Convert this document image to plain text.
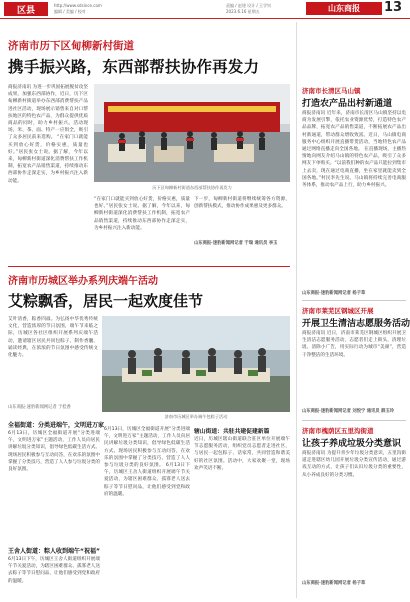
区县	http://www.sdsince.com
编辑 / 美编 / 校对
责编 / 赵建 设计 / 王学钊
2023.6.16 星期五	山东商报	13
济南市历下区甸柳新村街道
携手振兴路，东西部帮扶协作再发力
商报济南讯 为进一步巩固拓展脱贫攻坚成果，加强东西部协作，近日，历下区甸柳新村街道举办东西部消费帮扶产品进社区活动，现场展示销售来自对口帮扶地区的特色农产品，为群众提供优质商品的同时，助力乡村振兴。活动现场，米、茶、面、特产一应俱全，吸引了众多居民前来选购。 “在家门口就能买到放心好货，价格实惠，质量也好。”居民张女士说。据了解，今年以来，甸柳新村街道深化消费帮扶工作机制，拓宽农产品销售渠道，持续推动东西部协作走深走实，为乡村振兴注入新动能。
历下区甸柳新村街道东西部帮扶协作再发力
“在家门口就能买到放心好货，价格实惠，质量也好。”居民张女士说。据了解，今年以来，甸柳新村街道深化消费帮扶工作机制，拓宽农产品销售渠道，持续推动东西部协作走深走实，为乡村振兴注入新动能。
下一步，甸柳新村街道将继续统筹各方资源，创新帮扶模式，推动协作成果惠及更多群众。
山东商报·速豹新闻网记者 于瑞 通讯员 李玉
济南市历城区举办系列庆端午活动
艾粽飘香，居民一起欢度佳节
艾叶清香，粽香四溢。为弘扬中华优秀传统文化，营造浓厚的节日氛围，端午节来临之际，历城区各社区组织开展系列庆端午活动，邀请辖区居民共同包粽子、制作香囊、诵读经典，在浓浓的节日氛围中感受传统文化魅力。
山东商报·速豹新闻网记者 于桂香
济南市历城区举办端午包粽子活动
全福街道：分类进端午，文明进万家
6月13日，历城区全福街道开展“分类进端午，文明进万家”主题活动，工作人员向居民讲解垃圾分类知识，倡导绿色低碳生活方式。现场居民积极参与互动问答，在欢乐的氛围中掌握了分类技巧，营造了人人参与垃圾分类的良好氛围。
王舍人街道：粽人收到端午“祝福”
6月13日下午，历城区王舍人街道组织开展端午节关爱活动，为辖区困难群众、孤寡老人送去粽子等节日慰问品，让他们感受到党和政府的温暖。
6月13日，历城区全福街道开展“分类进端午，文明进万家”主题活动，工作人员向居民讲解垃圾分类知识，倡导绿色低碳生活方式。现场居民积极参与互动问答，在欢乐的氛围中掌握了分类技巧，营造了人人参与垃圾分类的良好氛围。 6月13日下午，历城区王舍人街道组织开展端午节关爱活动，为辖区困难群众、孤寡老人送去粽子等节日慰问品，让他们感受到党和政府的温暖。
辖山街道：共驻共建促建新篇
近日，历城区辖山街道联合驻区单位开展端午节志愿服务活动，组织党员志愿者走进社区，与居民一起包粽子、话家常，共同营造和谐美好的社区氛围。活动中，大家欢聚一堂，现场欢声笑语不断。
济南市长清区马山镇
打造农产品出村新通道
商报济南讯 近年来，济南市长清区马山镇坚持以电商为发展引擎，依托农业资源优势，打造特色农产品品牌，拓宽农产品销售渠道，不断拓展农产品出村新通道，带动群众增收致富。近日，马山镇电商服务中心组织开展直播带货活动，当地特色农产品通过网络直播走向全国各地。 在直播现场，主播热情地向网友介绍马山镇的特色农产品，吸引了众多网友下单购买。“以前我们种的农产品只能拉到集市上去卖，现在通过电商直播，坐在家里就能卖到全国各地。”村民李先生说。马山镇将持续完善电商服务体系，推动农产品上行，助力乡村振兴。
山东商报·速豹新闻网记者 杨子草
济南市莱芜区钢城区开展
开展卫生清洁志愿服务活动
商报济南讯 近日，济南市莱芜区钢城区组织开展卫生清洁志愿服务活动，志愿者们走上街头，清理垃圾、清除小广告，用实际行动为城市“美颜”，营造干净整洁的生活环境。
山东商报·速豹新闻网记者 刘悦宁 通讯员 薛玉玲
济南市槐荫区五里沟街道
让孩子养成垃圾分类意识
商报济南讯 为提升青少年垃圾分类意识，五里沟街道走进辖区幼儿园开展垃圾分类宣传活动，通过游戏互动的方式，让孩子们认识垃圾分类的重要性，从小养成良好的分类习惯。
山东商报·速豹新闻网记者 杨子草
